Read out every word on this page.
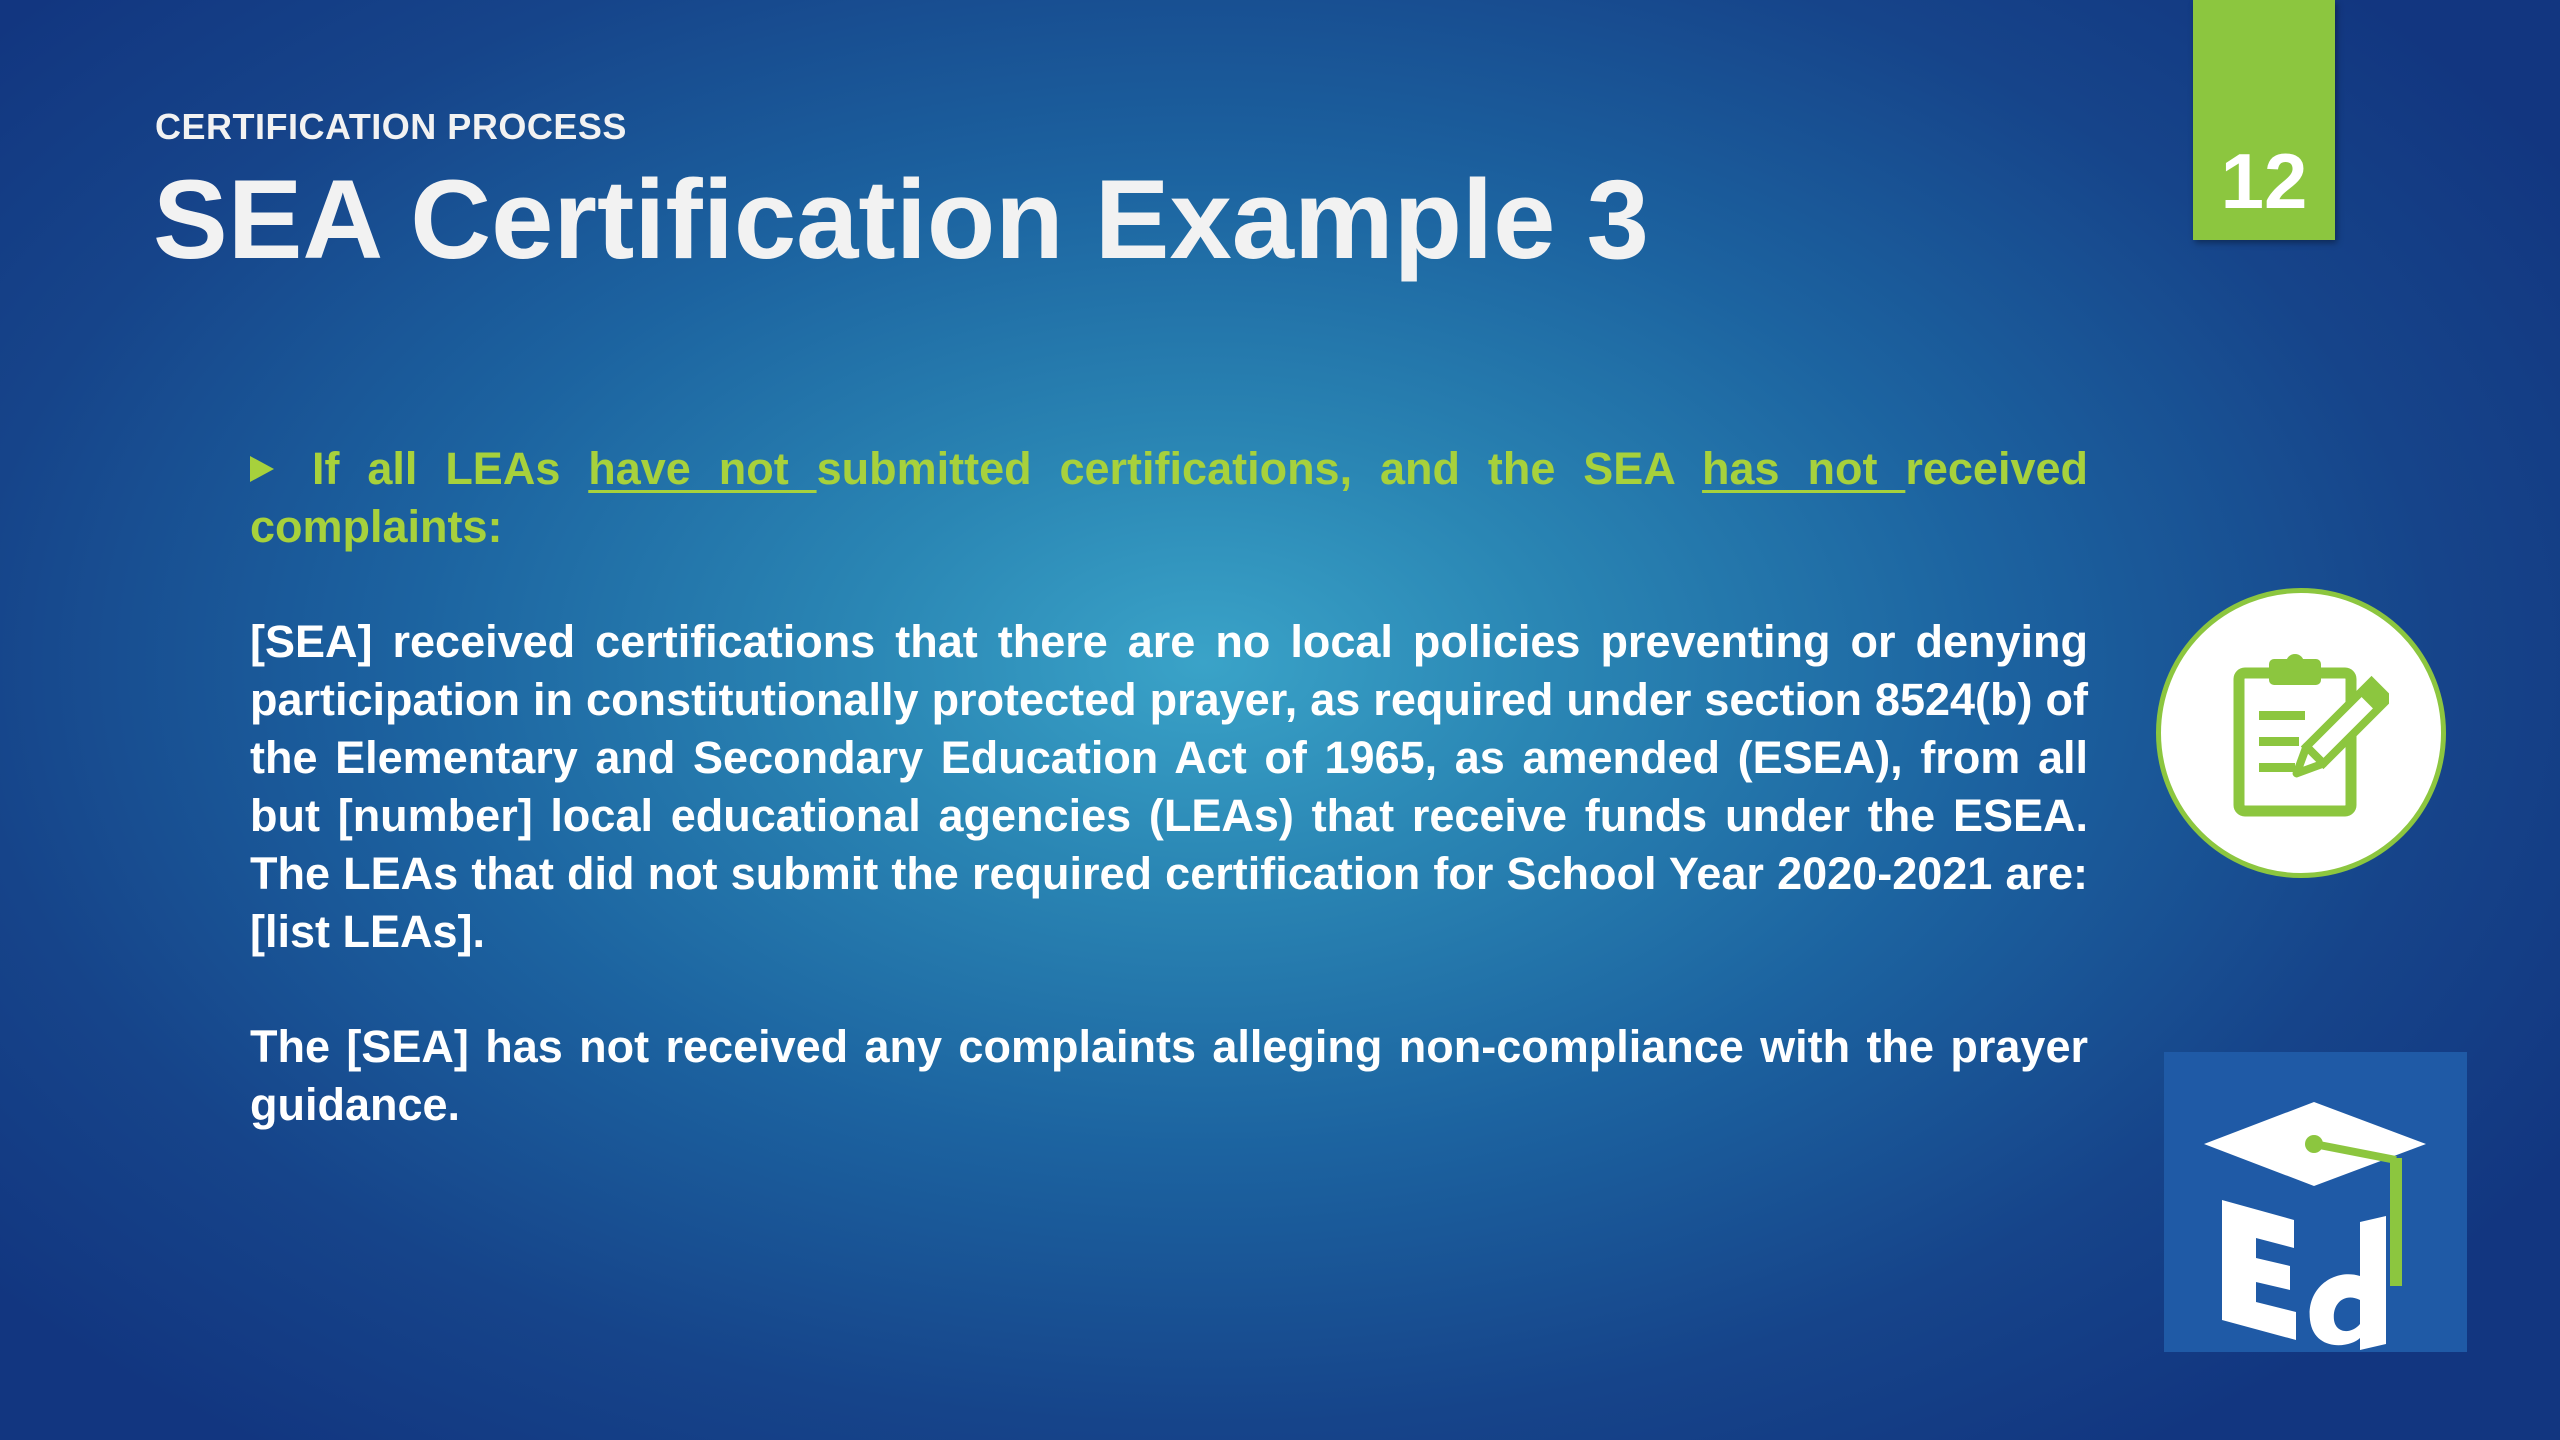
CERTIFICATION PROCESS
SEA Certification Example 3	12
If all LEAs have not submitted certifications, and the SEA has not received complaints:
[SEA] received certifications that there are no local policies preventing or denying participation in constitutionally protected prayer, as required under section 8524(b) of the Elementary and Secondary Education Act of 1965, as amended (ESEA), from all but [number] local educational agencies (LEAs) that receive funds under the ESEA. The LEAs that did not submit the required certification for School Year 2020-2021 are: [list LEAs].
The [SEA] has not received any complaints alleging non-compliance with the prayer guidance.
